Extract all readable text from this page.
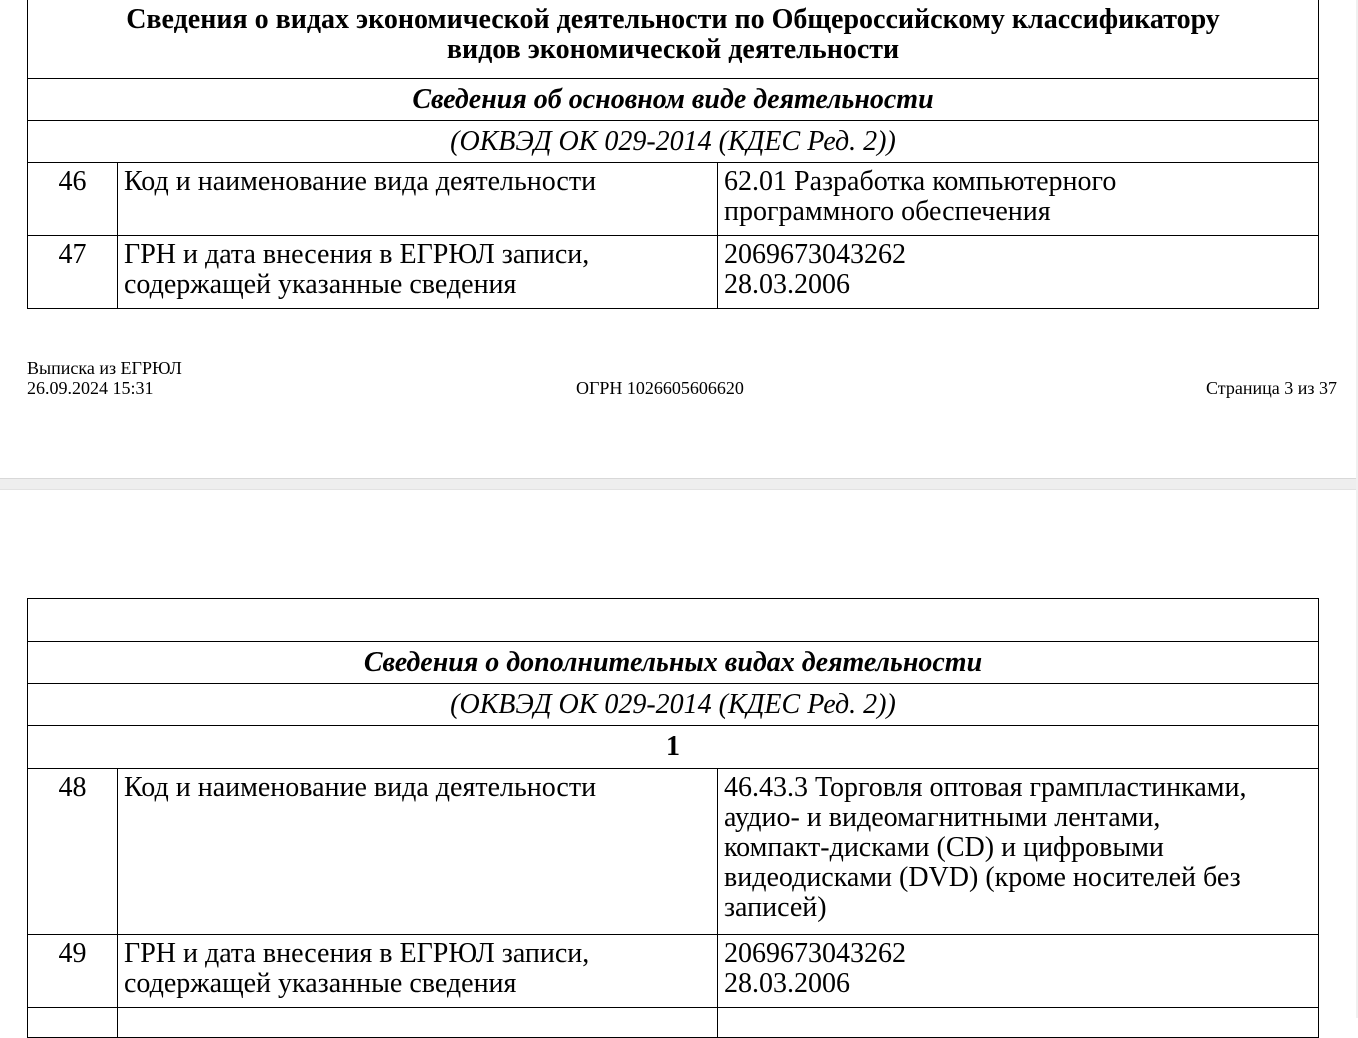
Сведения о видах экономической деятельности по Общероссийскому классификатору
видов экономической деятельности		
Сведения об основном виде деятельности		
(ОКВЭД ОК 029-2014 (КДЕС Ред. 2))		
46	Код и наименование вида деятельности	62.01 Разработка компьютерного
программного обеспечения
47	ГРН и дата внесения в ЕГРЮЛ записи,
содержащей указанные сведения	2069673043262
28.03.2006
Выписка из ЕГРЮЛ
26.09.2024 15:31	ОГРН 1026605606620	Страница 3 из 37

Сведения о дополнительных видах деятельности		
(ОКВЭД ОК 029-2014 (КДЕС Ред. 2))		
1		
48	Код и наименование вида деятельности	46.43.3 Торговля оптовая грампластинками,
аудио- и видеомагнитными лентами,
компакт-дисками (CD) и цифровыми
видеодисками (DVD) (кроме носителей без
записей)
49	ГРН и дата внесения в ЕГРЮЛ записи,
содержащей указанные сведения	2069673043262
28.03.2006
